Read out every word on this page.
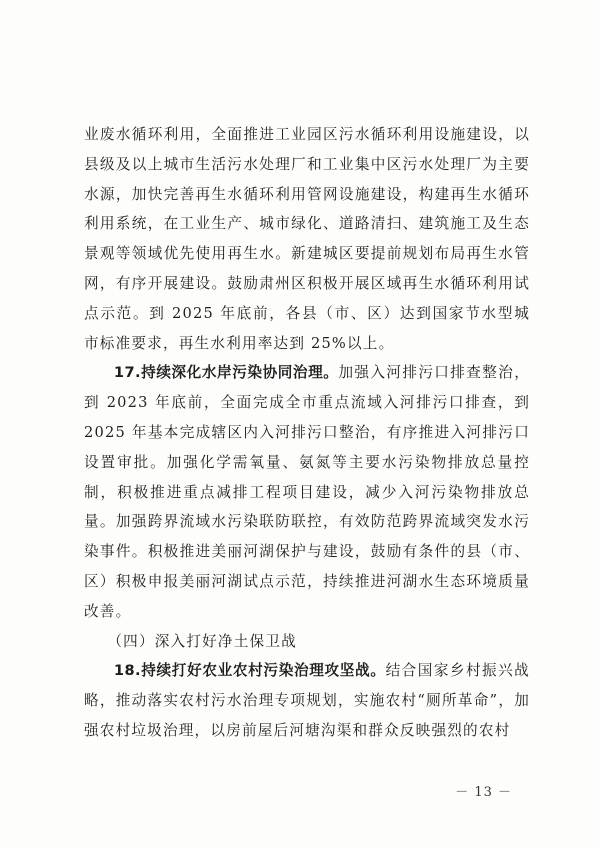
业废水循环利用，全面推进工业园区污水循环利用设施建设，以县级及以上城市生活污水处理厂和工业集中区污水处理厂为主要水源，加快完善再生水循环利用管网设施建设，构建再生水循环利用系统，在工业生产、城市绿化、道路清扫、建筑施工及生态景观等领域优先使用再生水。新建城区要提前规划布局再生水管网，有序开展建设。鼓励肃州区积极开展区域再生水循环利用试点示范。到 2025 年底前，各县（市、区）达到国家节水型城市标准要求，再生水利用率达到 25%以上。

17.持续深化水岸污染协同治理。加强入河排污口排查整治，到 2023 年底前，全面完成全市重点流域入河排污口排查，到 2025 年基本完成辖区内入河排污口整治，有序推进入河排污口设置审批。加强化学需氧量、氨氮等主要水污染物排放总量控制，积极推进重点减排工程项目建设，减少入河污染物排放总量。加强跨界流域水污染联防联控，有效防范跨界流域突发水污染事件。积极推进美丽河湖保护与建设，鼓励有条件的县（市、区）积极申报美丽河湖试点示范，持续推进河湖水生态环境质量改善。

（四）深入打好净土保卫战

18.持续打好农业农村污染治理攻坚战。结合国家乡村振兴战略，推动落实农村污水治理专项规划，实施农村“厕所革命”，加强农村垃圾治理，以房前屋后河塘沟渠和群众反映强烈的农村

－ 13 －
